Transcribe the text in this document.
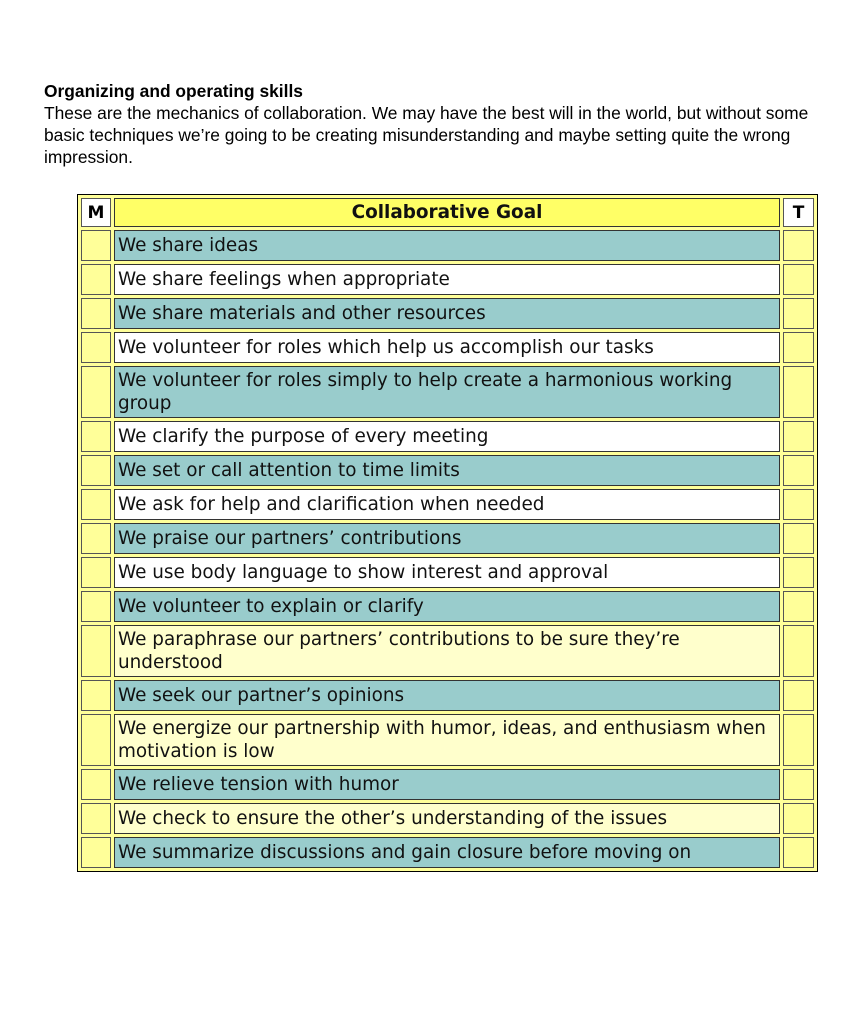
Organizing and operating skills
These are the mechanics of collaboration. We may have the best will in the world, but without some basic techniques we’re going to be creating misunderstanding and maybe setting quite the wrong impression.
M	Collaborative Goal	T
We share ideas
We share feelings when appropriate
We share materials and other resources
We volunteer for roles which help us accomplish our tasks
We volunteer for roles simply to help create a harmonious working group
We clarify the purpose of every meeting
We set or call attention to time limits
We ask for help and clarification when needed
We praise our partners’ contributions
We use body language to show interest and approval
We volunteer to explain or clarify
We paraphrase our partners’ contributions to be sure they’re understood
We seek our partner’s opinions
We energize our partnership with humor, ideas, and enthusiasm when motivation is low
We relieve tension with humor
We check to ensure the other’s understanding of the issues
We summarize discussions and gain closure before moving on
